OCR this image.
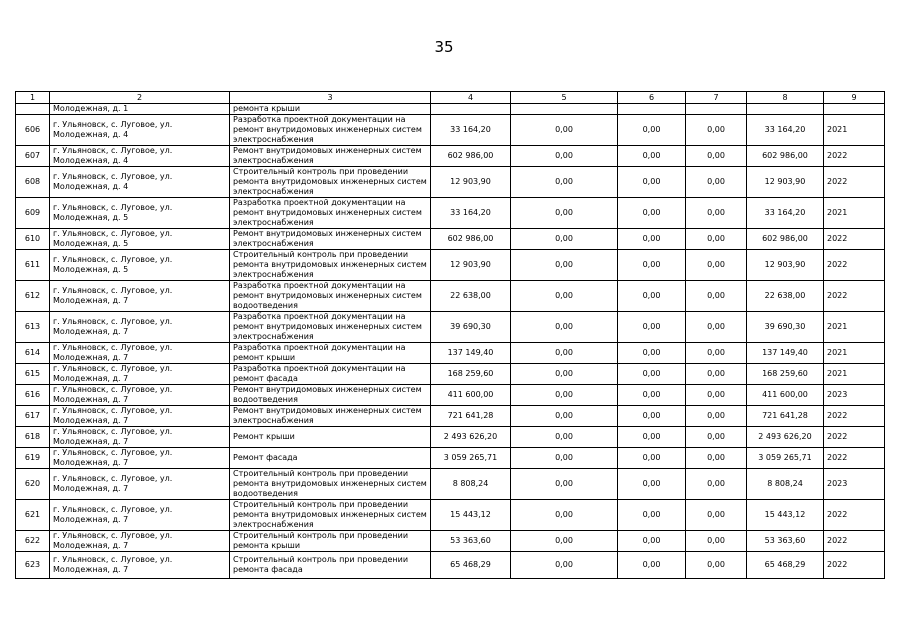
35
1	2	3	4	5	6	7	8	9
	Молодежная, д. 1	ремонта крыши						
606	г. Ульяновск, с. Луговое, ул. Молодежная, д. 4	Разработка проектной документации на ремонт внутридомовых инженерных систем электроснабжения	33 164,20	0,00	0,00	0,00	33 164,20	2021
607	г. Ульяновск, с. Луговое, ул. Молодежная, д. 4	Ремонт внутридомовых инженерных систем электроснабжения	602 986,00	0,00	0,00	0,00	602 986,00	2022
608	г. Ульяновск, с. Луговое, ул. Молодежная, д. 4	Строительный контроль при проведении ремонта внутридомовых инженерных систем электроснабжения	12 903,90	0,00	0,00	0,00	12 903,90	2022
609	г. Ульяновск, с. Луговое, ул. Молодежная, д. 5	Разработка проектной документации на ремонт внутридомовых инженерных систем электроснабжения	33 164,20	0,00	0,00	0,00	33 164,20	2021
610	г. Ульяновск, с. Луговое, ул. Молодежная, д. 5	Ремонт внутридомовых инженерных систем электроснабжения	602 986,00	0,00	0,00	0,00	602 986,00	2022
611	г. Ульяновск, с. Луговое, ул. Молодежная, д. 5	Строительный контроль при проведении ремонта внутридомовых инженерных систем электроснабжения	12 903,90	0,00	0,00	0,00	12 903,90	2022
612	г. Ульяновск, с. Луговое, ул. Молодежная, д. 7	Разработка проектной документации на ремонт внутридомовых инженерных систем водоотведения	22 638,00	0,00	0,00	0,00	22 638,00	2022
613	г. Ульяновск, с. Луговое, ул. Молодежная, д. 7	Разработка проектной документации на ремонт внутридомовых инженерных систем электроснабжения	39 690,30	0,00	0,00	0,00	39 690,30	2021
614	г. Ульяновск, с. Луговое, ул. Молодежная, д. 7	Разработка проектной документации на ремонт крыши	137 149,40	0,00	0,00	0,00	137 149,40	2021
615	г. Ульяновск, с. Луговое, ул. Молодежная, д. 7	Разработка проектной документации на ремонт фасада	168 259,60	0,00	0,00	0,00	168 259,60	2021
616	г. Ульяновск, с. Луговое, ул. Молодежная, д. 7	Ремонт внутридомовых инженерных систем водоотведения	411 600,00	0,00	0,00	0,00	411 600,00	2023
617	г. Ульяновск, с. Луговое, ул. Молодежная, д. 7	Ремонт внутридомовых инженерных систем электроснабжения	721 641,28	0,00	0,00	0,00	721 641,28	2022
618	г. Ульяновск, с. Луговое, ул. Молодежная, д. 7	Ремонт крыши	2 493 626,20	0,00	0,00	0,00	2 493 626,20	2022
619	г. Ульяновск, с. Луговое, ул. Молодежная, д. 7	Ремонт фасада	3 059 265,71	0,00	0,00	0,00	3 059 265,71	2022
620	г. Ульяновск, с. Луговое, ул. Молодежная, д. 7	Строительный контроль при проведении ремонта внутридомовых инженерных систем водоотведения	8 808,24	0,00	0,00	0,00	8 808,24	2023
621	г. Ульяновск, с. Луговое, ул. Молодежная, д. 7	Строительный контроль при проведении ремонта внутридомовых инженерных систем электроснабжения	15 443,12	0,00	0,00	0,00	15 443,12	2022
622	г. Ульяновск, с. Луговое, ул. Молодежная, д. 7	Строительный контроль при проведении ремонта крыши	53 363,60	0,00	0,00	0,00	53 363,60	2022
623	г. Ульяновск, с. Луговое, ул. Молодежная, д. 7	Строительный контроль при проведении ремонта фасада	65 468,29	0,00	0,00	0,00	65 468,29	2022
